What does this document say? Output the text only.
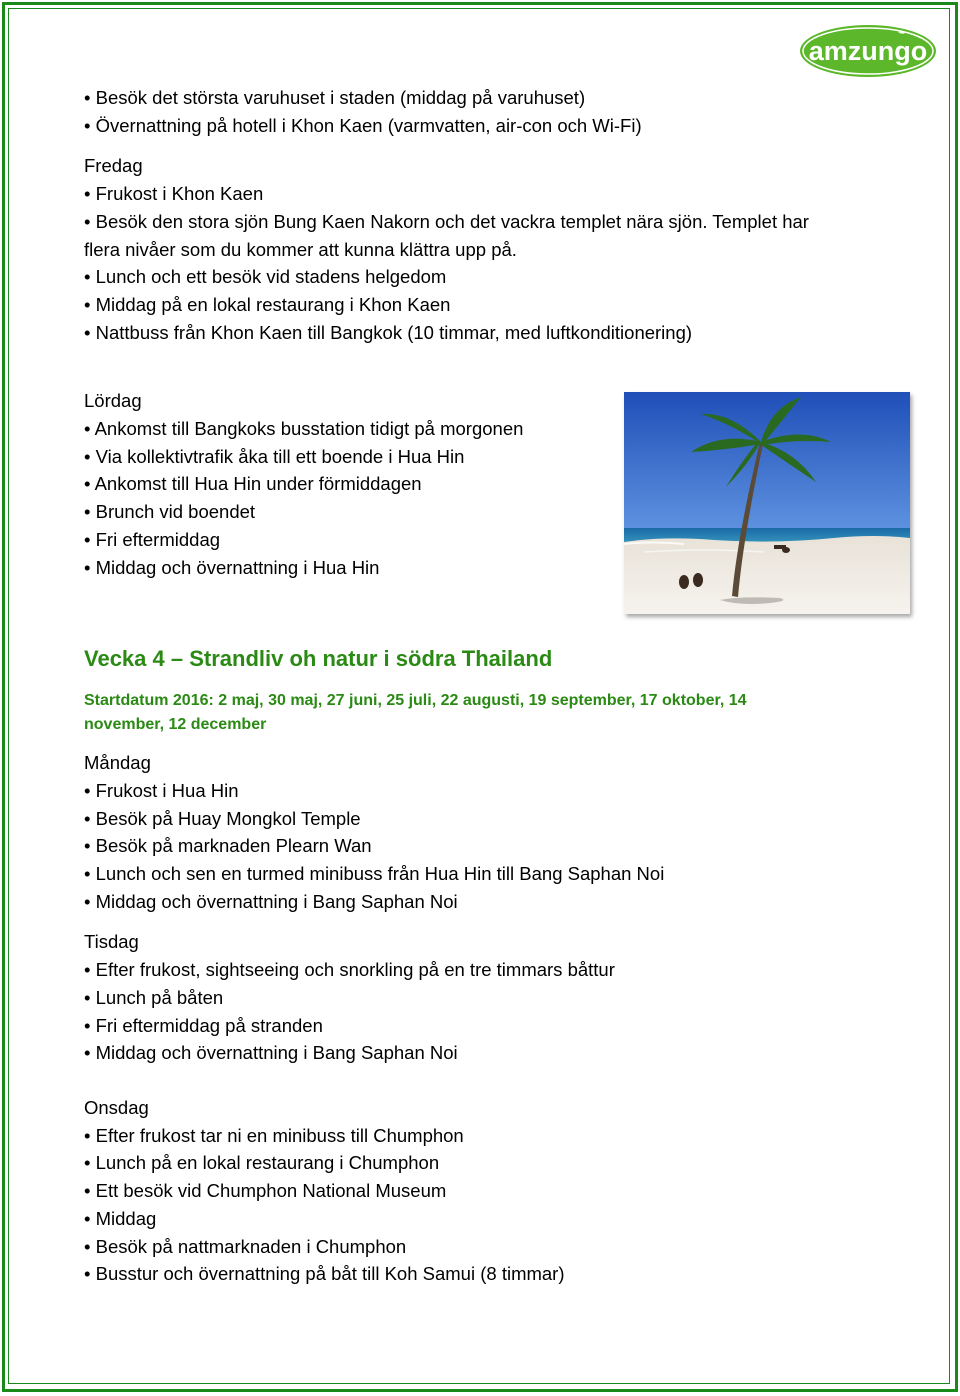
amzungo
• Besök det största varuhuset i staden (middag på varuhuset)
• Övernattning på hotell i Khon Kaen (varmvatten, air-con och Wi-Fi)
Fredag
• Frukost i Khon Kaen
• Besök den stora sjön Bung Kaen Nakorn och det vackra templet nära sjön. Templet har flera nivåer som du kommer att kunna klättra upp på.
• Lunch och ett besök vid stadens helgedom
• Middag på en lokal restaurang i Khon Kaen
• Nattbuss från Khon Kaen till Bangkok (10 timmar, med luftkonditionering)
Lördag
• Ankomst till Bangkoks busstation tidigt på morgonen
• Via kollektivtrafik åka till ett boende i Hua Hin
• Ankomst till Hua Hin under förmiddagen
• Brunch vid boendet
• Fri eftermiddag
• Middag och övernattning i Hua Hin
Vecka 4 – Strandliv oh natur i södra Thailand
Startdatum 2016: 2 maj, 30 maj, 27 juni, 25 juli, 22 augusti, 19 september, 17 oktober, 14 november, 12 december
Måndag
• Frukost i Hua Hin
• Besök på Huay Mongkol Temple
• Besök på marknaden Plearn Wan
• Lunch och sen en turmed minibuss från Hua Hin till Bang Saphan Noi
• Middag och övernattning i Bang Saphan Noi
Tisdag
• Efter frukost, sightseeing och snorkling på en tre timmars båttur
• Lunch på båten
• Fri eftermiddag på stranden
• Middag och övernattning i Bang Saphan Noi
Onsdag
• Efter frukost tar ni en minibuss till Chumphon
• Lunch på en lokal restaurang i Chumphon
• Ett besök vid Chumphon National Museum
• Middag
• Besök på nattmarknaden i Chumphon
• Busstur och övernattning på båt till Koh Samui (8 timmar)
